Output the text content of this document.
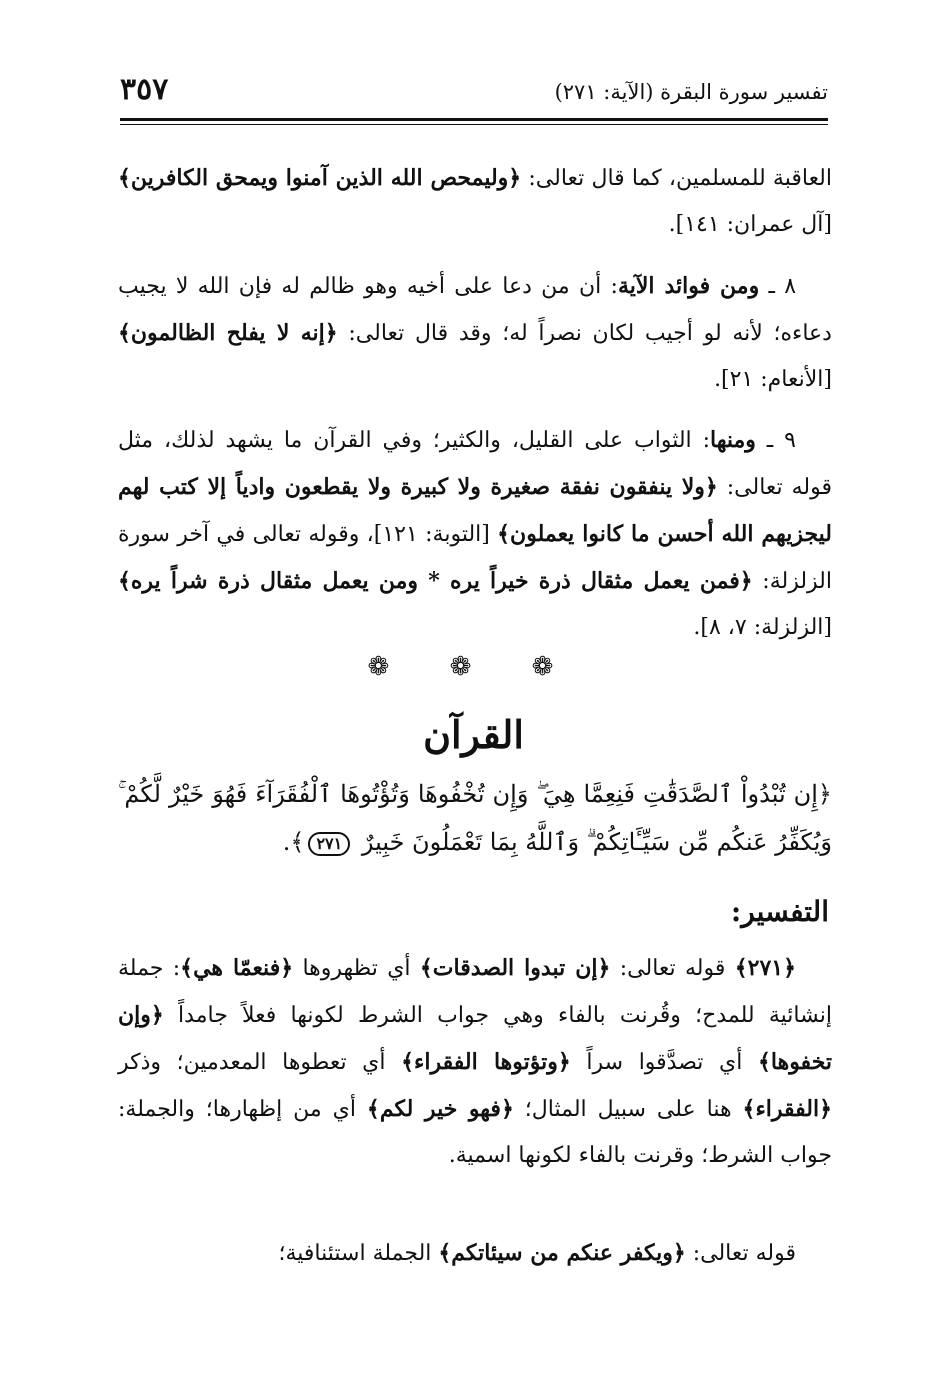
تفسير سورة البقرة (الآية: ٢٧١)
٣٥٧
العاقبة للمسلمين، كما قال تعالى: ﴿وليمحص الله الذين آمنوا ويمحق الكافرين﴾ [آل عمران: ١٤١].
٨ ـ ومن فوائد الآية: أن من دعا على أخيه وهو ظالم له فإن الله لا يجيب دعاءه؛ لأنه لو أجيب لكان نصراً له؛ وقد قال تعالى: ﴿إنه لا يفلح الظالمون﴾ [الأنعام: ٢١].
٩ ـ ومنها: الثواب على القليل، والكثير؛ وفي القرآن ما يشهد لذلك، مثل قوله تعالى: ﴿ولا ينفقون نفقة صغيرة ولا كبيرة ولا يقطعون وادياً إلا كتب لهم ليجزيهم الله أحسن ما كانوا يعملون﴾ [التوبة: ١٢١]، وقوله تعالى في آخر سورة الزلزلة: ﴿فمن يعمل مثقال ذرة خيراً يره * ومن يعمل مثقال ذرة شراً يره﴾ [الزلزلة: ٧، ٨].
❁ ❁ ❁
القرآن
﴿إِن تُبْدُواْ ٱلصَّدَقَٰتِ فَنِعِمَّا هِيَ ۖ وَإِن تُخْفُوهَا وَتُؤْتُوهَا ٱلْفُقَرَآءَ فَهُوَ خَيْرٌ لَّكُمْ ۚ وَيُكَفِّرُ عَنكُم مِّن سَيِّـَٔاتِكُمْ ۗ وَٱللَّهُ بِمَا تَعْمَلُونَ خَبِيرٌ ٢٧١﴾.
التفسير:
﴿٢٧١﴾ قوله تعالى: ﴿إن تبدوا الصدقات﴾ أي تظهروها ﴿فنعمّا هي﴾: جملة إنشائية للمدح؛ وقُرنت بالفاء وهي جواب الشرط لكونها فعلاً جامداً ﴿وإن تخفوها﴾ أي تصدَّقوا سراً ﴿وتؤتوها الفقراء﴾ أي تعطوها المعدمين؛ وذكر ﴿الفقراء﴾ هنا على سبيل المثال؛ ﴿فهو خير لكم﴾ أي من إظهارها؛ والجملة: جواب الشرط؛ وقرنت بالفاء لكونها اسمية.
قوله تعالى: ﴿ويكفر عنكم من سيئاتكم﴾ الجملة استئنافية؛
